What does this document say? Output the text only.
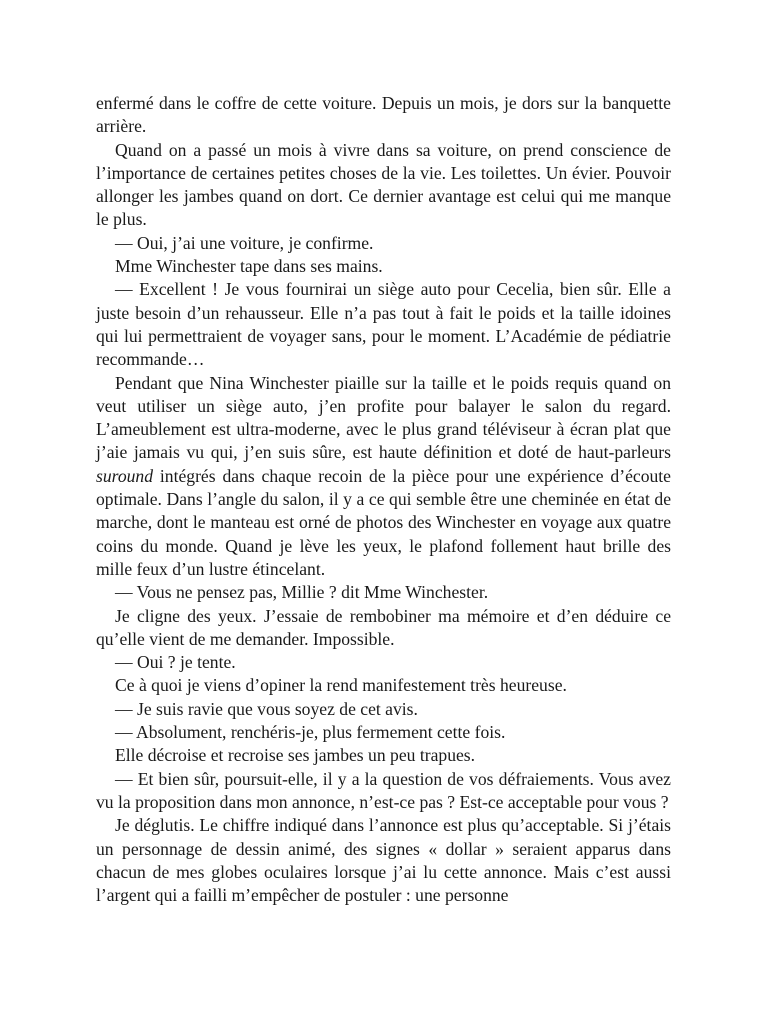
enfermé dans le coffre de cette voiture. Depuis un mois, je dors sur la banquette arrière.

Quand on a passé un mois à vivre dans sa voiture, on prend conscience de l’importance de certaines petites choses de la vie. Les toilettes. Un évier. Pouvoir allonger les jambes quand on dort. Ce dernier avantage est celui qui me manque le plus.

— Oui, j’ai une voiture, je confirme.

Mme Winchester tape dans ses mains.

— Excellent ! Je vous fournirai un siège auto pour Cecelia, bien sûr. Elle a juste besoin d’un rehausseur. Elle n’a pas tout à fait le poids et la taille idoines qui lui permettraient de voyager sans, pour le moment. L’Académie de pédiatrie recommande…

Pendant que Nina Winchester piaille sur la taille et le poids requis quand on veut utiliser un siège auto, j’en profite pour balayer le salon du regard. L’ameublement est ultra-moderne, avec le plus grand téléviseur à écran plat que j’aie jamais vu qui, j’en suis sûre, est haute définition et doté de haut-parleurs suround intégrés dans chaque recoin de la pièce pour une expérience d’écoute optimale. Dans l’angle du salon, il y a ce qui semble être une cheminée en état de marche, dont le manteau est orné de photos des Winchester en voyage aux quatre coins du monde. Quand je lève les yeux, le plafond follement haut brille des mille feux d’un lustre étincelant.

— Vous ne pensez pas, Millie ? dit Mme Winchester.

Je cligne des yeux. J’essaie de rembobiner ma mémoire et d’en déduire ce qu’elle vient de me demander. Impossible.

— Oui ? je tente.

Ce à quoi je viens d’opiner la rend manifestement très heureuse.

— Je suis ravie que vous soyez de cet avis.

— Absolument, renchéris-je, plus fermement cette fois.

Elle décroise et recroise ses jambes un peu trapues.

— Et bien sûr, poursuit-elle, il y a la question de vos défraiements. Vous avez vu la proposition dans mon annonce, n’est-ce pas ? Est-ce acceptable pour vous ?

Je déglutis. Le chiffre indiqué dans l’annonce est plus qu’acceptable. Si j’étais un personnage de dessin animé, des signes « dollar » seraient apparus dans chacun de mes globes oculaires lorsque j’ai lu cette annonce. Mais c’est aussi l’argent qui a failli m’empêcher de postuler : une personne
